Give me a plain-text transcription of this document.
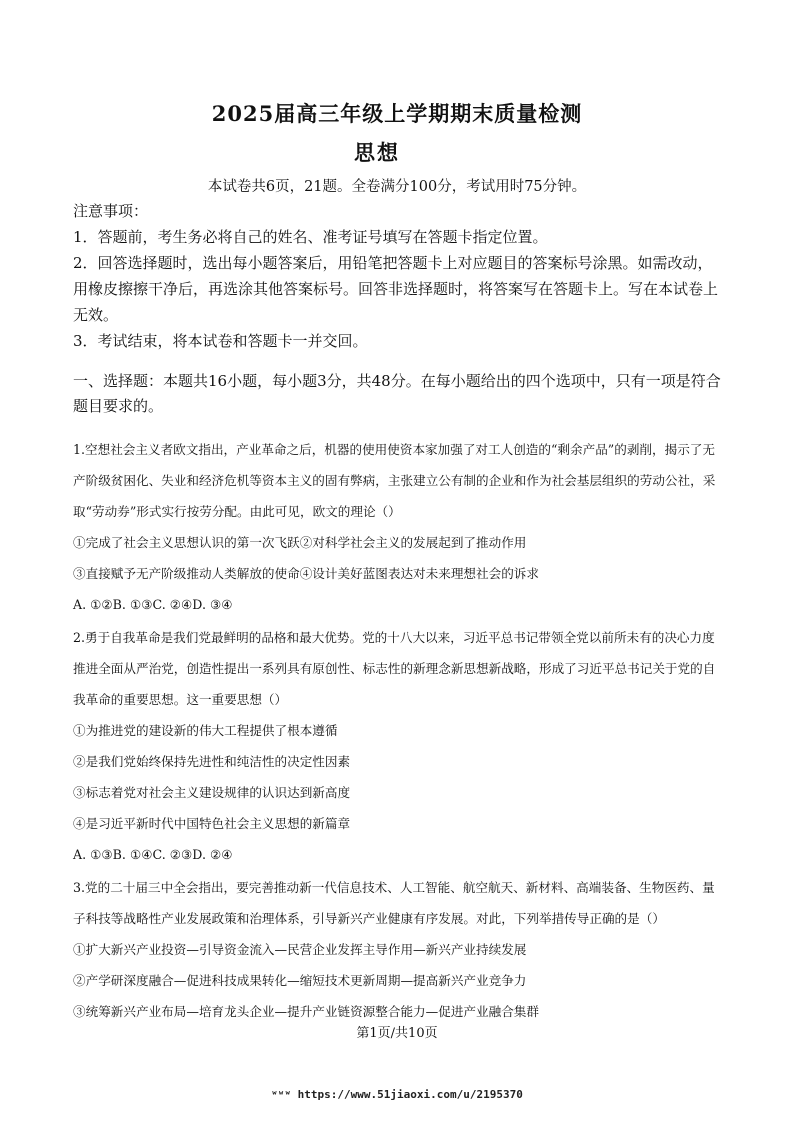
2025届高三年级上学期期末质量检测
思想
本试卷共6页，21题。全卷满分100分，考试用时75分钟。

注意事项：

1．答题前，考生务必将自己的姓名、准考证号填写在答题卡指定位置。

2．回答选择题时，选出每小题答案后，用铅笔把答题卡上对应题目的答案标号涂黑。如需改动，用橡皮擦擦干净后，再选涂其他答案标号。回答非选择题时，将答案写在答题卡上。写在本试卷上无效。

3．考试结束，将本试卷和答题卡一并交回。

一、选择题：本题共16小题，每小题3分，共48分。在每小题给出的四个选项中，只有一项是符合题目要求的。

1.空想社会主义者欧文指出，产业革命之后，机器的使用使资本家加强了对工人创造的“剩余产品”的剥削，揭示了无产阶级贫困化、失业和经济危机等资本主义的固有弊病，主张建立公有制的企业和作为社会基层组织的劳动公社，采取“劳动券”形式实行按劳分配。由此可见，欧文的理论（）

①完成了社会主义思想认识的第一次飞跃②对科学社会主义的发展起到了推动作用

③直接赋予无产阶级推动人类解放的使命④设计美好蓝图表达对未来理想社会的诉求

A. ①②B. ①③C. ②④D. ③④

2.勇于自我革命是我们党最鲜明的品格和最大优势。党的十八大以来，习近平总书记带领全党以前所未有的决心力度推进全面从严治党，创造性提出一系列具有原创性、标志性的新理念新思想新战略，形成了习近平总书记关于党的自我革命的重要思想。这一重要思想（）

①为推进党的建设新的伟大工程提供了根本遵循

②是我们党始终保持先进性和纯洁性的决定性因素

③标志着党对社会主义建设规律的认识达到新高度

④是习近平新时代中国特色社会主义思想的新篇章

A. ①③B. ①④C. ②③D. ②④

3.党的二十届三中全会指出，要完善推动新一代信息技术、人工智能、航空航天、新材料、高端装备、生物医药、量子科技等战略性产业发展政策和治理体系，引导新兴产业健康有序发展。对此，下列举措传导正确的是（）

①扩大新兴产业投资—引导资金流入—民营企业发挥主导作用—新兴产业持续发展

②产学研深度融合—促进科技成果转化—缩短技术更新周期—提高新兴产业竞争力

③统筹新兴产业布局—培育龙头企业—提升产业链资源整合能力—促进产业融合集群

第1页/共10页
ʷʷʷ https://www.51jiaoxi.com/u/2195370
